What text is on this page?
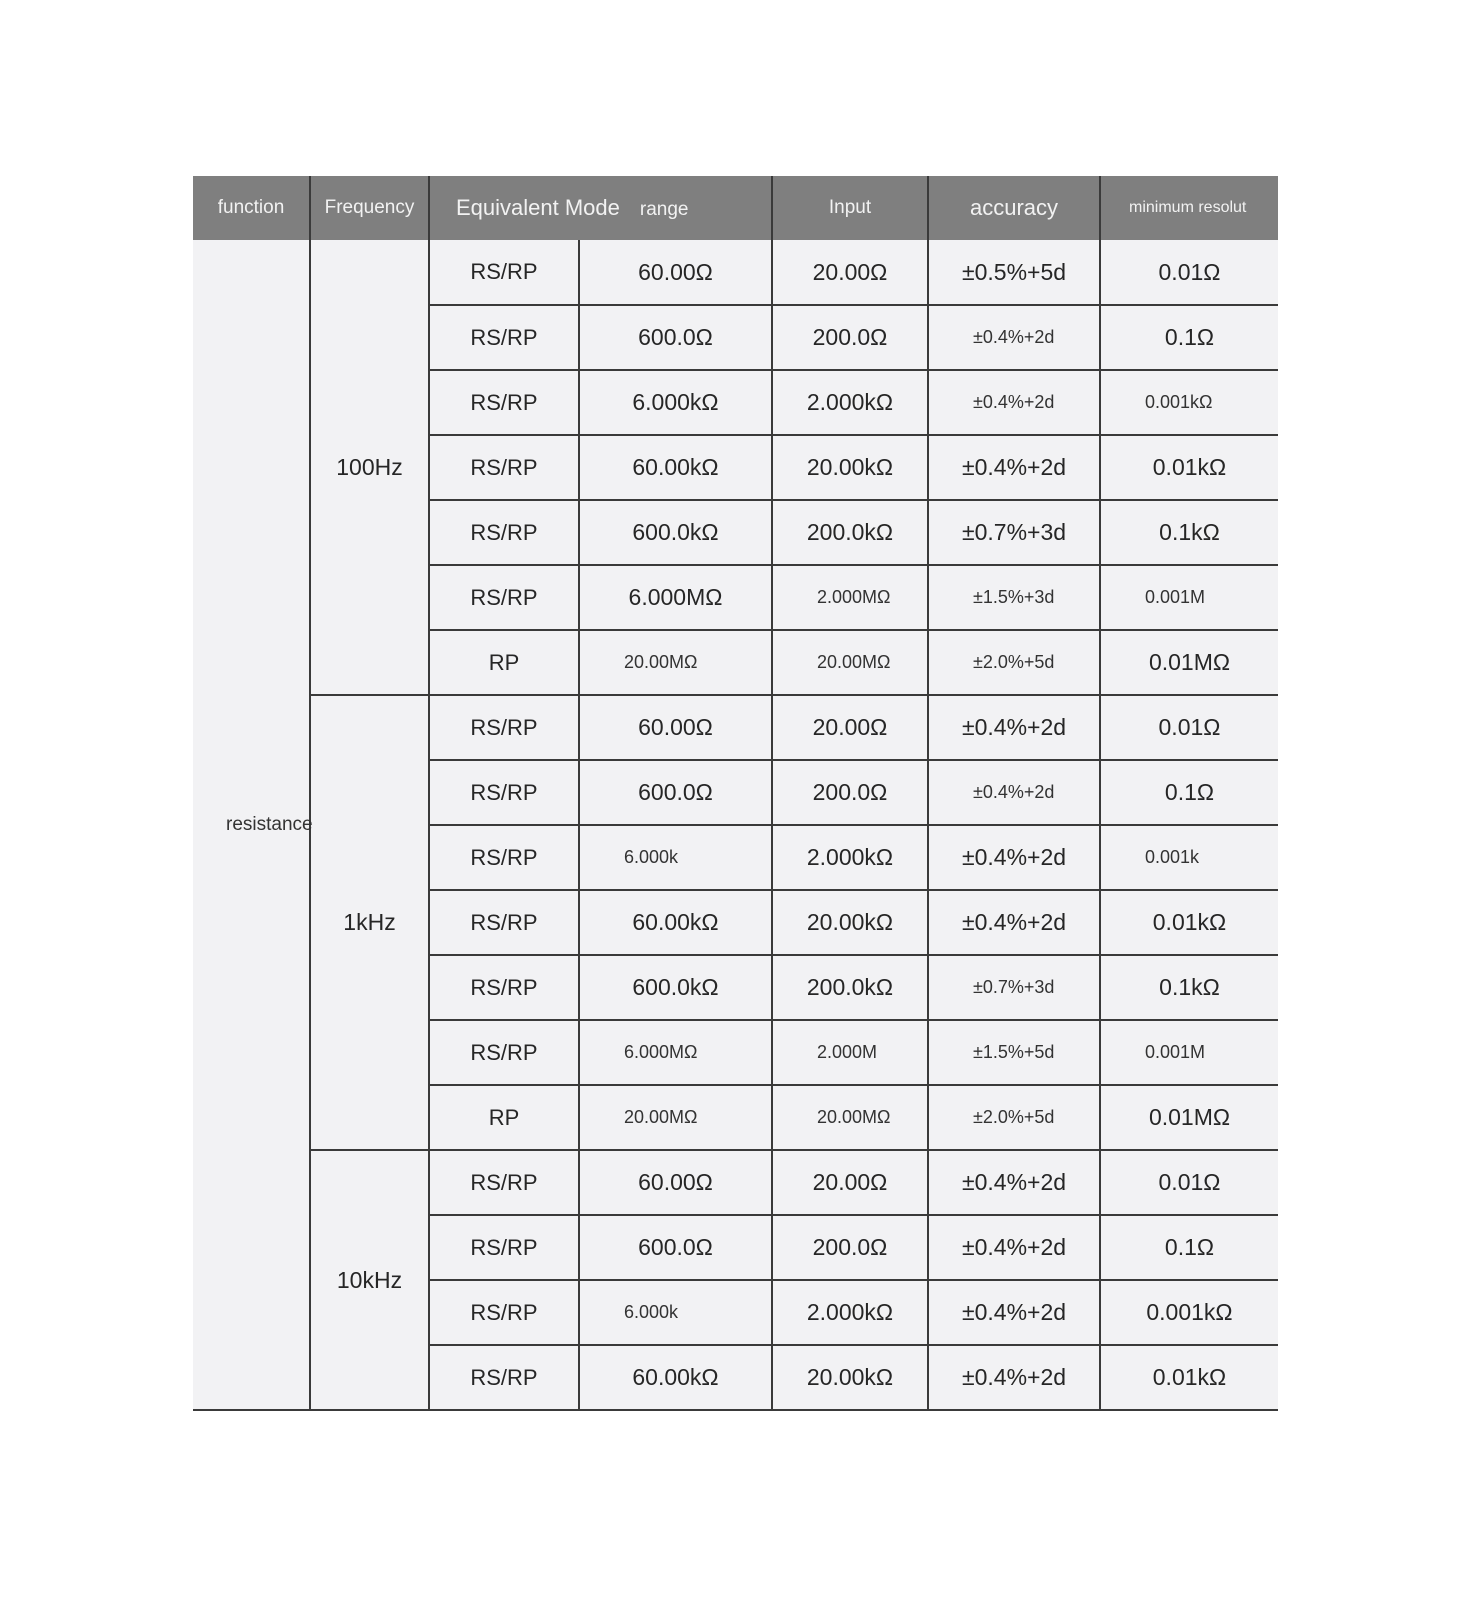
function	Frequency	Equivalent Mode range		Input	accuracy	minimum resolut
resistance	100Hz	RS/RP	60.00Ω	20.00Ω	±0.5%+5d	0.01Ω
		RS/RP	600.0Ω	200.0Ω	±0.4%+2d	0.1Ω
		RS/RP	6.000kΩ	2.000kΩ	±0.4%+2d	0.001kΩ
		RS/RP	60.00kΩ	20.00kΩ	±0.4%+2d	0.01kΩ
		RS/RP	600.0kΩ	200.0kΩ	±0.7%+3d	0.1kΩ
		RS/RP	6.000MΩ	2.000MΩ	±1.5%+3d	0.001M
		RP	20.00MΩ	20.00MΩ	±2.0%+5d	0.01MΩ
	1kHz	RS/RP	60.00Ω	20.00Ω	±0.4%+2d	0.01Ω
		RS/RP	600.0Ω	200.0Ω	±0.4%+2d	0.1Ω
		RS/RP	6.000k	2.000kΩ	±0.4%+2d	0.001k
		RS/RP	60.00kΩ	20.00kΩ	±0.4%+2d	0.01kΩ
		RS/RP	600.0kΩ	200.0kΩ	±0.7%+3d	0.1kΩ
		RS/RP	6.000MΩ	2.000M	±1.5%+5d	0.001M
		RP	20.00MΩ	20.00MΩ	±2.0%+5d	0.01MΩ
	10kHz	RS/RP	60.00Ω	20.00Ω	±0.4%+2d	0.01Ω
		RS/RP	600.0Ω	200.0Ω	±0.4%+2d	0.1Ω
		RS/RP	6.000k	2.000kΩ	±0.4%+2d	0.001kΩ
		RS/RP	60.00kΩ	20.00kΩ	±0.4%+2d	0.01kΩ
